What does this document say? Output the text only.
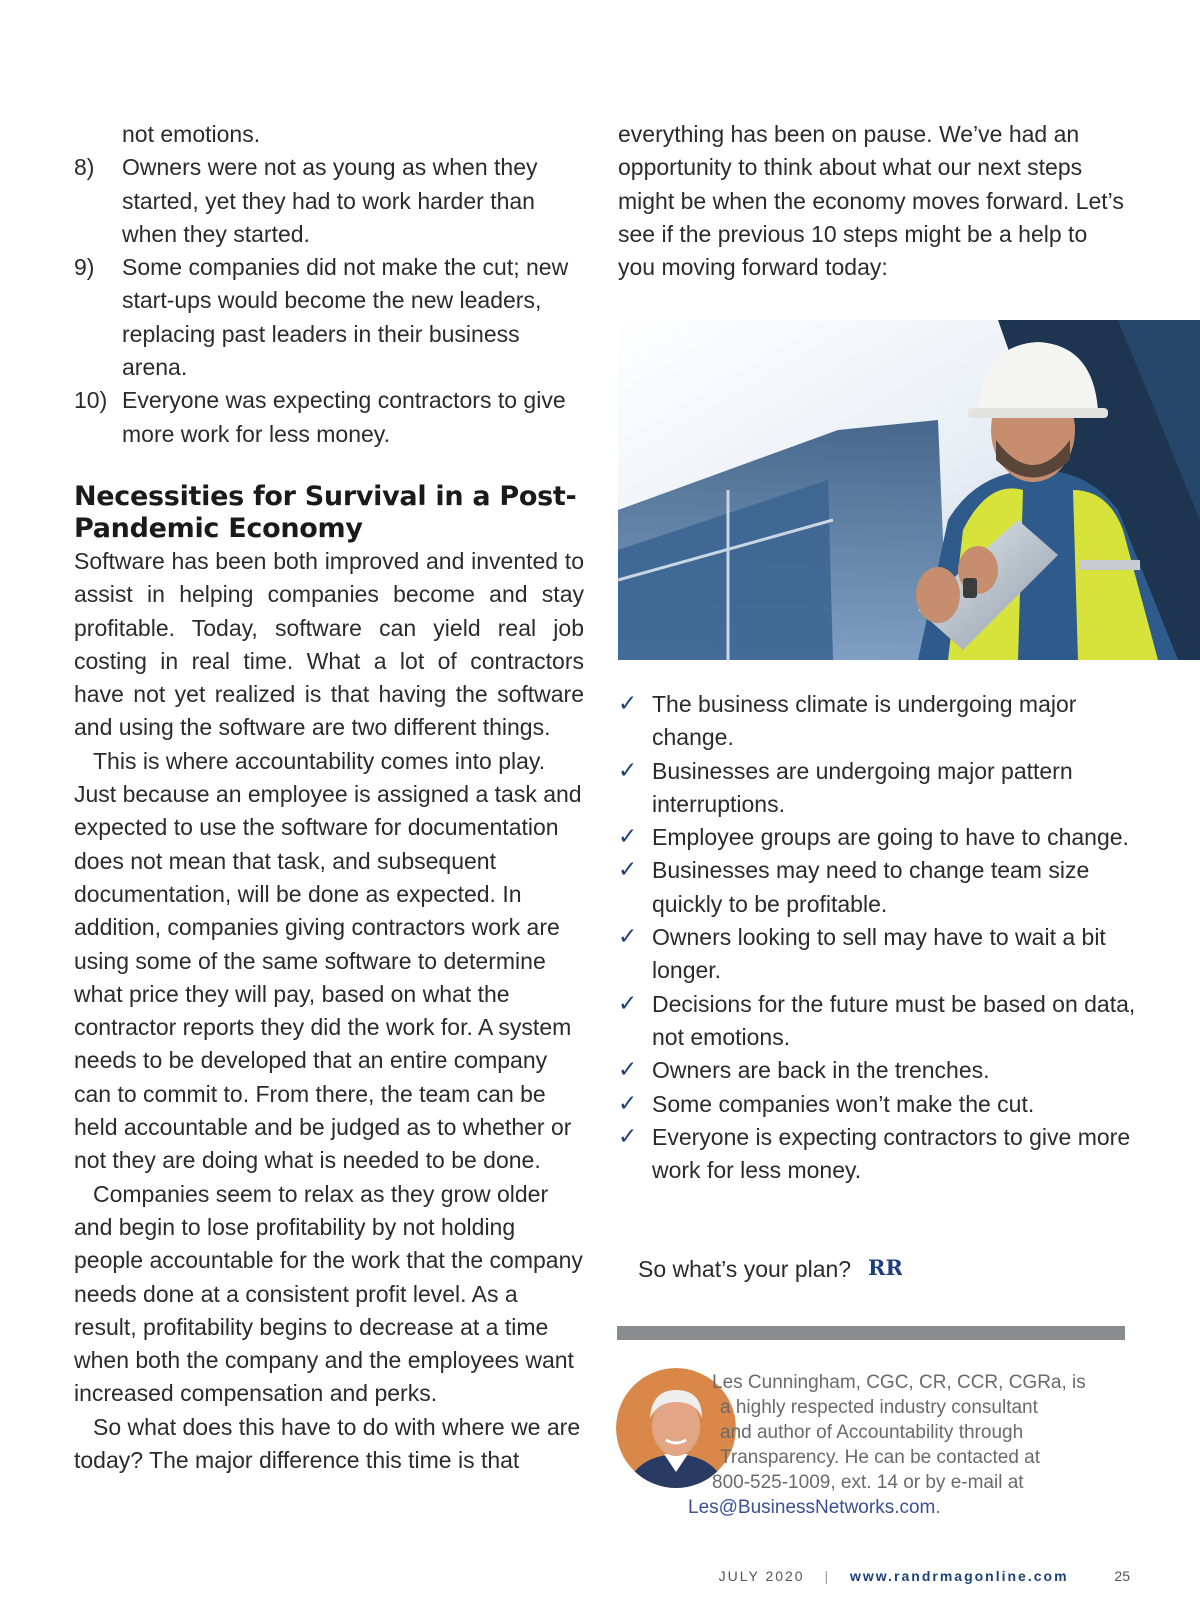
not emotions.
8) Owners were not as young as when they started, yet they had to work harder than when they started.
9) Some companies did not make the cut; new start-ups would become the new leaders, replacing past leaders in their business arena.
10) Everyone was expecting contractors to give more work for less money.
Necessities for Survival in a Post-Pandemic Economy

Software has been both improved and invented to assist in helping companies become and stay profitable. Today, software can yield real job costing in real time. What a lot of contractors have not yet realized is that having the software and using the software are two different things.

This is where accountability comes into play. Just because an employee is assigned a task and expected to use the software for documentation does not mean that task, and subsequent documentation, will be done as expected. In addition, companies giving contractors work are using some of the same software to determine what price they will pay, based on what the contractor reports they did the work for. A system needs to be developed that an entire company can to commit to. From there, the team can be held accountable and be judged as to whether or not they are doing what is needed to be done.

Companies seem to relax as they grow older and begin to lose profitability by not holding people accountable for the work that the company needs done at a consistent profit level. As a result, profitability begins to decrease at a time when both the company and the employees want increased compensation and perks.

So what does this have to do with where we are today? The major difference this time is that

everything has been on pause. We’ve had an opportunity to think about what our next steps might be when the economy moves forward. Let’s see if the previous 10 steps might be a help to you moving forward today:

✓ The business climate is undergoing major change.
✓ Businesses are undergoing major pattern interruptions.
✓ Employee groups are going to have to change.
✓ Businesses may need to change team size quickly to be profitable.
✓ Owners looking to sell may have to wait a bit longer.
✓ Decisions for the future must be based on data, not emotions.
✓ Owners are back in the trenches.
✓ Some companies won’t make the cut.
✓ Everyone is expecting contractors to give more work for less money.
So what’s your plan? RR
Les Cunningham, CGC, CR, CCR, CGRa, is
a highly respected industry consultant
and author of Accountability through
Transparency. He can be contacted at
800-525-1009, ext. 14 or by e-mail at
Les@BusinessNetworks.com.
JULY 2020 | www.randrmagonline.com	25
